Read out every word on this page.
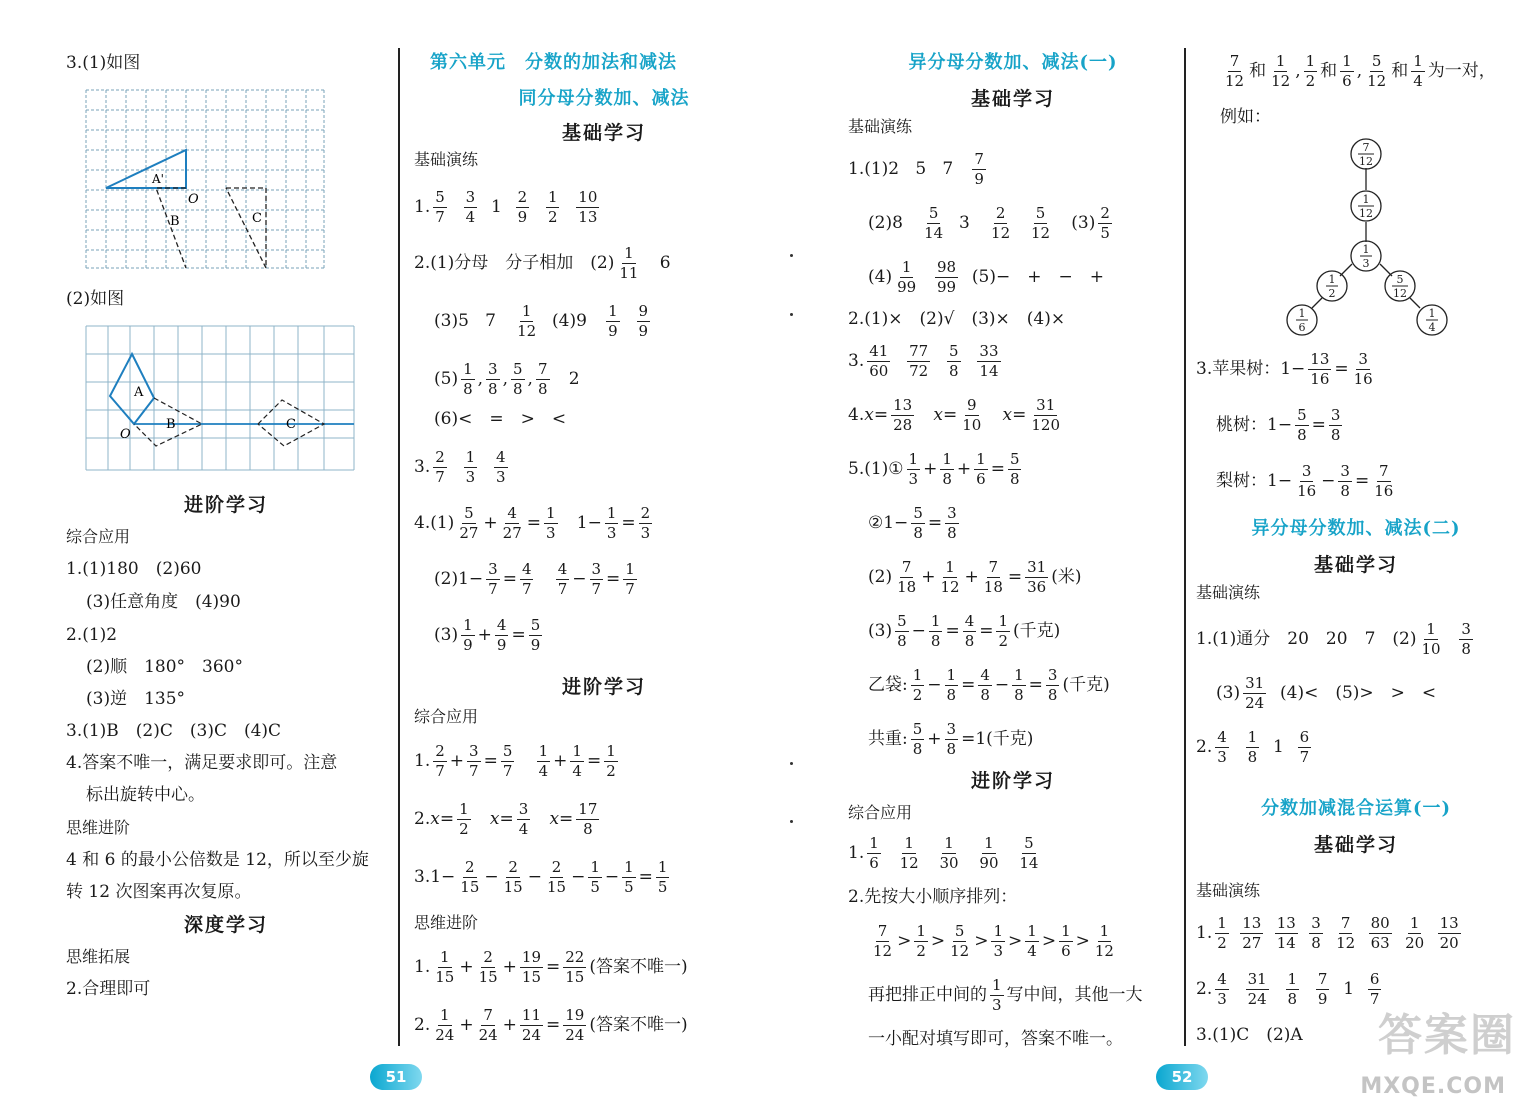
3.(1)如图
A'
O
B	C
(2)如图
A
O
B	C
进阶学习
综合应用
1.(1)180　(2)60
(3)任意角度　(4)90
2.(1)2
(2)顺　180°　360°
(3)逆　135°
3.(1)B　(2)C　(3)C　(4)C
4.答案不唯一，满足要求即可。注意
标出旋转中心。
思维进阶
4 和 6 的最小公倍数是 12，所以至少旋
转 12 次图案再次复原。
深度学习
思维拓展
2.合理即可
第六单元　分数的加法和减法
同分母分数加、减法
基础学习
基础演练
1. $\frac{5}{7}$
$\frac{3}{4} 1 \frac{2}{9}$
$\frac{1}{2}$
$\frac{10}{13}$
2.(1)分母　分子相加　$(2) \frac{1}{11} 6$
(3)5   $7 \frac{1}{12} (4)9 \frac{1}{9}$
$\frac{9}{9}$
$(5) \frac{1}{8}$ , $\frac{3}{8}$ , $\frac{5}{8}$ , $\frac{7}{8} 2$
(6)<　=　>　<
3. $\frac{2}{7}$
$\frac{1}{3}$
$\frac{4}{3}$
$4.(1) \frac{5}{27} + \frac{4}{27} = \frac{1}{3} 1- \frac{1}{3} = \frac{2}{3}$
$(2)1- \frac{3}{7} = \frac{4}{7}$
$\frac{4}{7} - \frac{3}{7} = \frac{1}{7}$
$(3) \frac{1}{9} + \frac{4}{9} = \frac{5}{9}$
进阶学习
综合应用
1. $\frac{2}{7} + \frac{3}{7} = \frac{5}{7}$
$\frac{1}{4} + \frac{1}{4} = \frac{1}{2}$
$2.x= \frac{1}{2} x= \frac{3}{4} x= \frac{17}{8}$
$3.1- \frac{2}{15} - \frac{2}{15} - \frac{2}{15} - \frac{1}{5} - \frac{1}{5} = \frac{1}{5}$
思维进阶
1. $\frac{1}{15} + \frac{2}{15} + \frac{19}{15} = \frac{22}{15}$ (答案不唯一)
2. $\frac{1}{24} + \frac{7}{24} + \frac{11}{24} = \frac{19}{24}$ (答案不唯一)
51
异分母分数加、减法(一)
基础学习
基础演练
1.(1)2   5   $7 \frac{7}{9}$
$(2)8 \frac{5}{14} 3 \frac{2}{12}$
$\frac{5}{12} (3) \frac{2}{5}$
$(4) \frac{1}{99}$
$\frac{98}{99} (5)-$　+　−　+
2.(1)×　(2)√　(3)×　(4)×
3. $\frac{41}{60}$
$\frac{77}{72}$
$\frac{5}{8}$
$\frac{33}{14}$
$4.x= \frac{13}{28} x= \frac{9}{10} x= \frac{31}{120}$
5.(1)① $\frac{1}{3} + \frac{1}{8} + \frac{1}{6} = \frac{5}{8}$
②1− $\frac{5}{8} = \frac{3}{8}$
$(2) \frac{7}{18} + \frac{1}{12} + \frac{7}{18} = \frac{31}{36}$ (米)
$(3) \frac{5}{8} - \frac{1}{8} = \frac{4}{8} = \frac{1}{2}$ (千克)
乙袋: $\frac{1}{2} - \frac{1}{8} = \frac{4}{8} - \frac{1}{8} = \frac{3}{8}$ (千克)
共重: $\frac{5}{8} + \frac{3}{8} =1$(千克)
进阶学习
综合应用
1. $\frac{1}{6}$
$\frac{1}{12}$
$\frac{1}{30}$
$\frac{1}{90}$
$\frac{5}{14}$
2.先按大小顺序排列：
$\frac{7}{12} > \frac{1}{2} > \frac{5}{12} > \frac{1}{3} > \frac{1}{4} > \frac{1}{6} > \frac{1}{12}$
再把排正中间的 $\frac{1}{3}$ 写中间，其他一大
一小配对填写即可，答案不唯一。
$\frac{7}{12}$ 和 $\frac{1}{12}$ , $\frac{1}{2}$ 和 $\frac{1}{6}$ , $\frac{5}{12}$ 和 $\frac{1}{4}$ 为一对，
例如：
7
12
1
12
1
3
1
2
5
12
1
6
1
4
3.苹果树：$1- \frac{13}{16} = \frac{3}{16}$
桃树：$1- \frac{5}{8} = \frac{3}{8}$
梨树：$1- \frac{3}{16} - \frac{3}{8} = \frac{7}{16}$
异分母分数加、减法(二)
基础学习
基础演练
1.(1)通分　20　20　7　$(2) \frac{1}{10}$
$\frac{3}{8}$
$(3) \frac{31}{24} (4)<$　(5)>　>　<
2. $\frac{4}{3}$
$\frac{1}{8} 1 \frac{6}{7}$
分数加减混合运算(一)
基础学习
基础演练
1. $\frac{1}{2}$
$\frac{13}{27}$
$\frac{13}{14}$
$\frac{3}{8}$
$\frac{7}{12}$
$\frac{80}{63}$
$\frac{1}{20}$
$\frac{13}{20}$
2. $\frac{4}{3}$
$\frac{31}{24}$
$\frac{1}{8}$
$\frac{7}{9} 1 \frac{6}{7}$
3.(1)C　(2)A
52
答案圈
MXQE.COM
